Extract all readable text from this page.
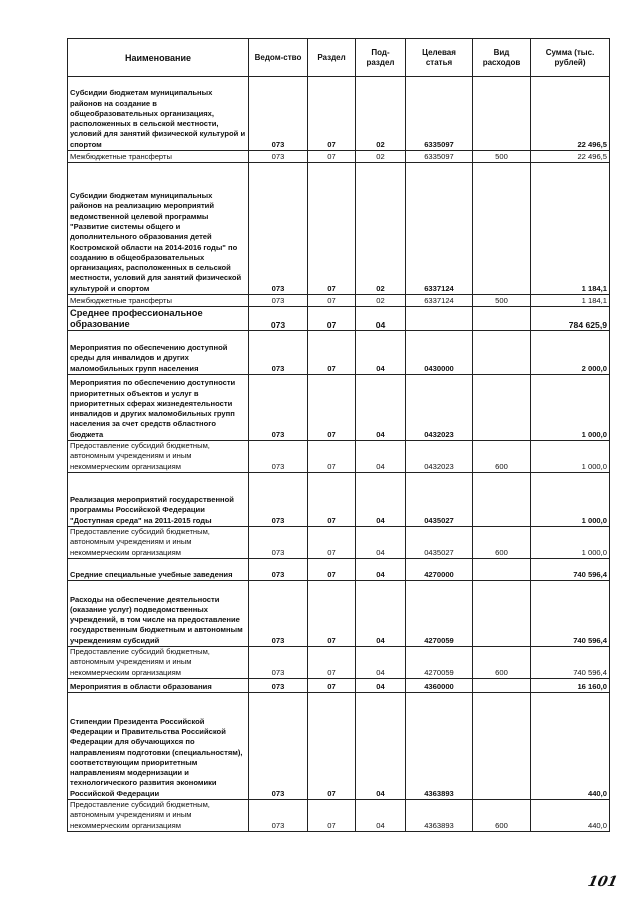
Наименование	Ведом-ство	Раздел	Под-раздел	Целевая статья	Вид расходов	Сумма (тыс. рублей)
Субсидии бюджетам муниципальных районов на создание в общеобразовательных организациях, расположенных в сельской местности, условий для занятий физической культурой и спортом	073	07	02	6335097		22 496,5
Межбюджетные трансферты	073	07	02	6335097	500	22 496,5
Субсидии бюджетам муниципальных районов на реализацию мероприятий ведомственной целевой программы "Развитие системы общего и дополнительного образования детей Костромской области на 2014-2016 годы" по созданию в общеобразовательных организациях, расположенных в сельской местности, условий для занятий физической культурой и спортом	073	07	02	6337124		1 184,1
Межбюджетные трансферты	073	07	02	6337124	500	1 184,1
Среднее профессиональное образование	073	07	04			784 625,9
Мероприятия по обеспечению доступной среды для инвалидов и других маломобильных групп населения	073	07	04	0430000		2 000,0
Мероприятия по обеспечению доступности приоритетных объектов и услуг в приоритетных сферах жизнедеятельности инвалидов и других маломобильных групп населения за счет средств областного бюджета	073	07	04	0432023		1 000,0
Предоставление субсидий бюджетным, автономным учреждениям и иным некоммерческим организациям	073	07	04	0432023	600	1 000,0
Реализация мероприятий государственной программы Российской Федерации "Доступная среда" на 2011-2015 годы	073	07	04	0435027		1 000,0
Предоставление субсидий бюджетным, автономным учреждениям и иным некоммерческим организациям	073	07	04	0435027	600	1 000,0
Средние специальные учебные заведения	073	07	04	4270000		740 596,4
Расходы на обеспечение деятельности (оказание услуг) подведомственных учреждений, в том числе на предоставление государственным бюджетным и автономным учреждениям субсидий	073	07	04	4270059		740 596,4
Предоставление субсидий бюджетным, автономным учреждениям и иным некоммерческим организациям	073	07	04	4270059	600	740 596,4
Мероприятия в области образования	073	07	04	4360000		16 160,0
Стипендии Президента Российской Федерации и Правительства Российской Федерации для обучающихся по направлениям подготовки (специальностям), соответствующим приоритетным направлениям модернизации и технологического развития экономики Российской Федерации	073	07	04	4363893		440,0
Предоставление субсидий бюджетным, автономным учреждениям и иным некоммерческим организациям	073	07	04	4363893	600	440,0
101
